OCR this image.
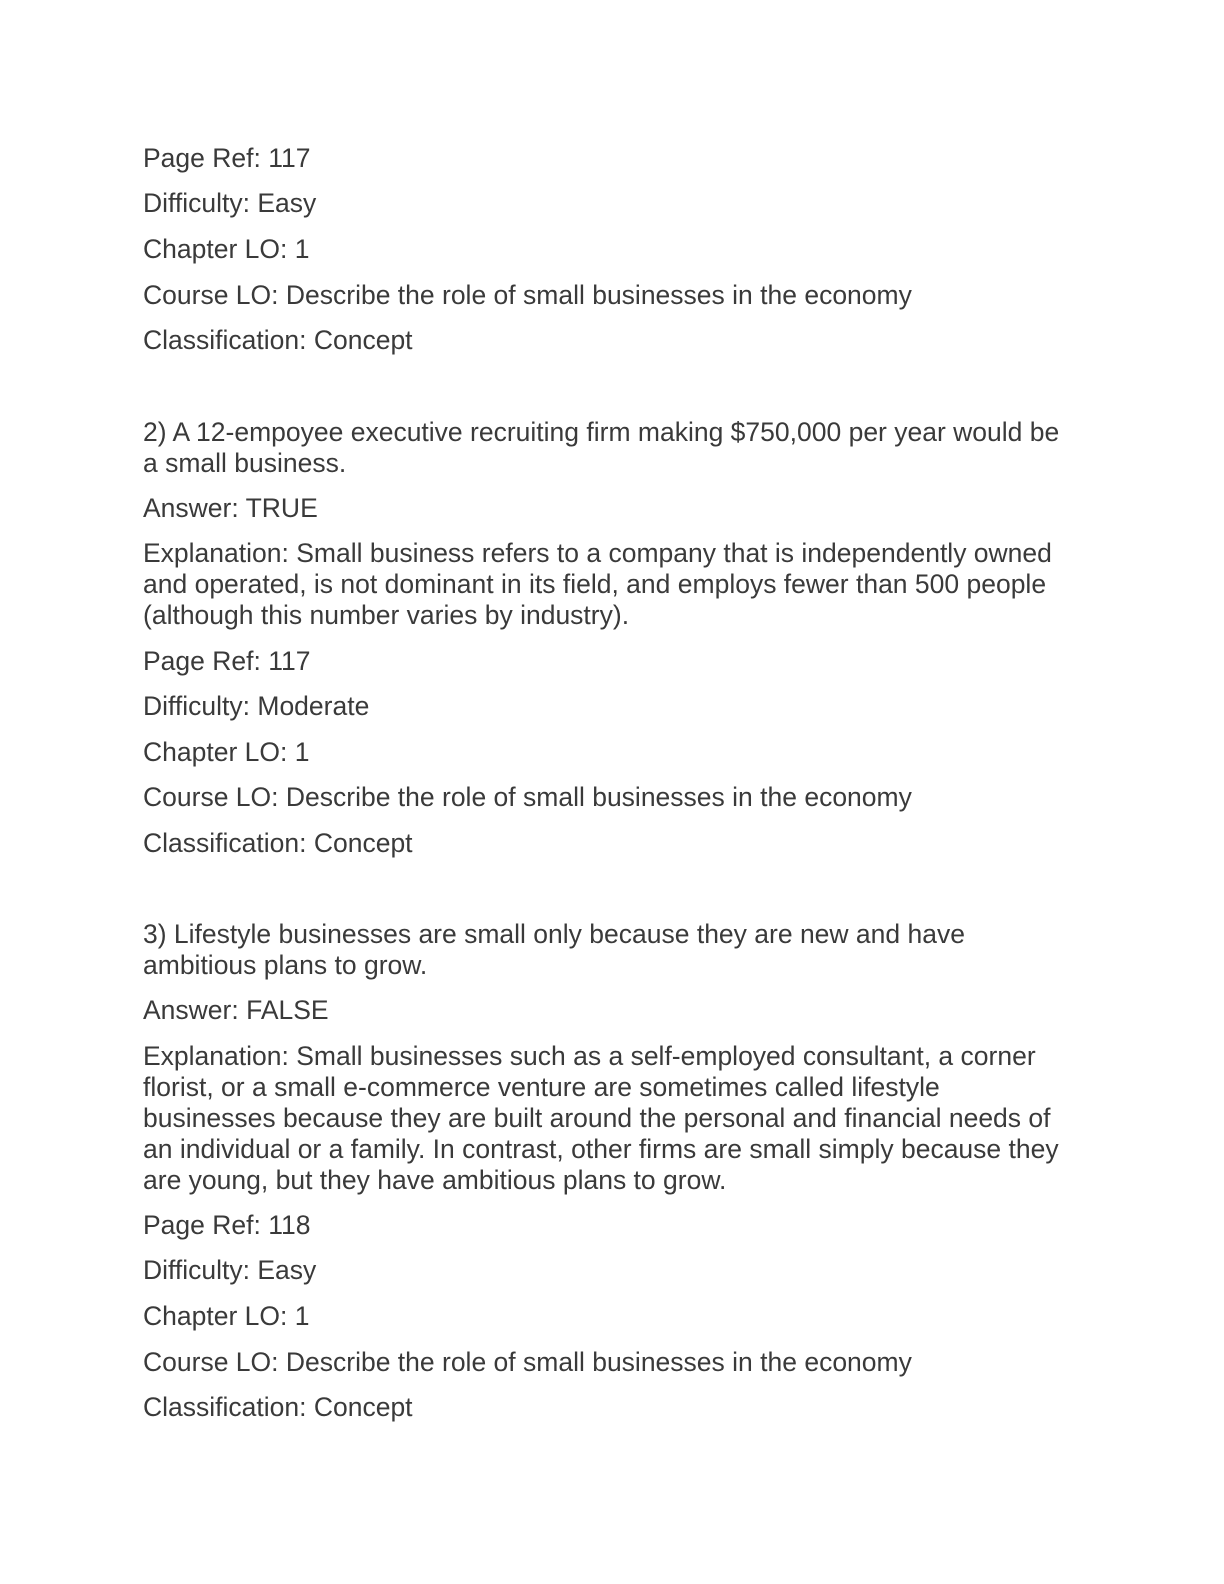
Page Ref: 117
Difficulty: Easy
Chapter LO: 1
Course LO: Describe the role of small businesses in the economy
Classification: Concept
2) A 12-empoyee executive recruiting firm making $750,000 per year would be
a small business.
Answer: TRUE
Explanation: Small business refers to a company that is independently owned
and operated, is not dominant in its field, and employs fewer than 500 people
(although this number varies by industry).
Page Ref: 117
Difficulty: Moderate
Chapter LO: 1
Course LO: Describe the role of small businesses in the economy
Classification: Concept
3) Lifestyle businesses are small only because they are new and have
ambitious plans to grow.
Answer: FALSE
Explanation: Small businesses such as a self-employed consultant, a corner
florist, or a small e-commerce venture are sometimes called lifestyle
businesses because they are built around the personal and financial needs of
an individual or a family. In contrast, other firms are small simply because they
are young, but they have ambitious plans to grow.
Page Ref: 118
Difficulty: Easy
Chapter LO: 1
Course LO: Describe the role of small businesses in the economy
Classification: Concept
